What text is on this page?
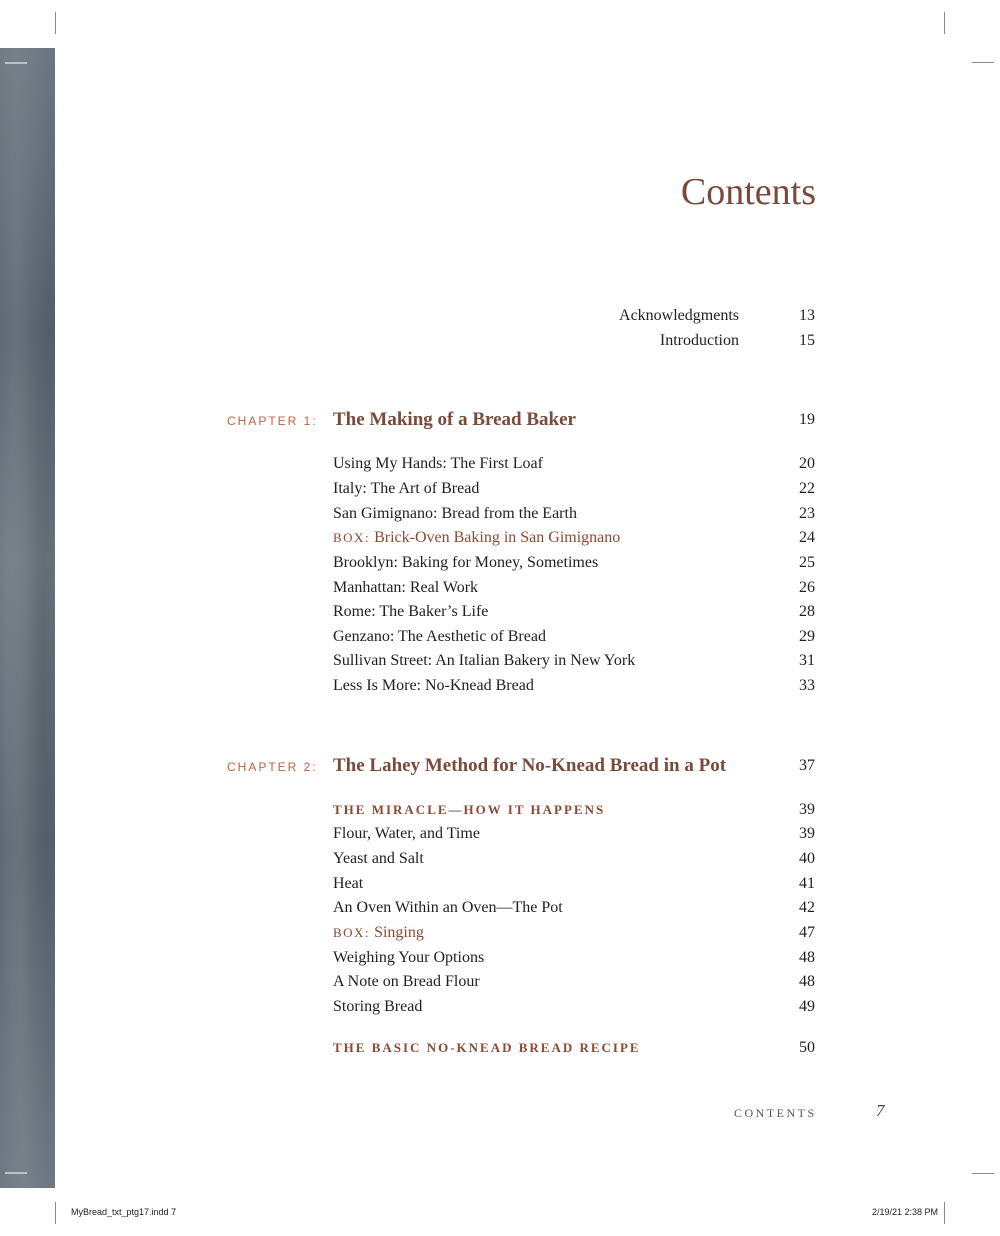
Contents
Acknowledgments	13
Introduction	15
CHAPTER 1: The Making of a Bread Baker	19
Using My Hands: The First Loaf	20
Italy: The Art of Bread	22
San Gimignano: Bread from the Earth	23
BOX: Brick-Oven Baking in San Gimignano	24
Brooklyn: Baking for Money, Sometimes	25
Manhattan: Real Work	26
Rome: The Baker’s Life	28
Genzano: The Aesthetic of Bread	29
Sullivan Street: An Italian Bakery in New York	31
Less Is More: No-Knead Bread	33
CHAPTER 2: The Lahey Method for No-Knead Bread in a Pot	37
THE MIRACLE—HOW IT HAPPENS	39
Flour, Water, and Time	39
Yeast and Salt	40
Heat	41
An Oven Within an Oven—The Pot	42
BOX: Singing	47
Weighing Your Options	48
A Note on Bread Flour	48
Storing Bread	49
THE BASIC NO-KNEAD BREAD RECIPE	50
CONTENTS	7
MyBread_txt_ptg17.indd 7	2/19/21 2:38 PM
